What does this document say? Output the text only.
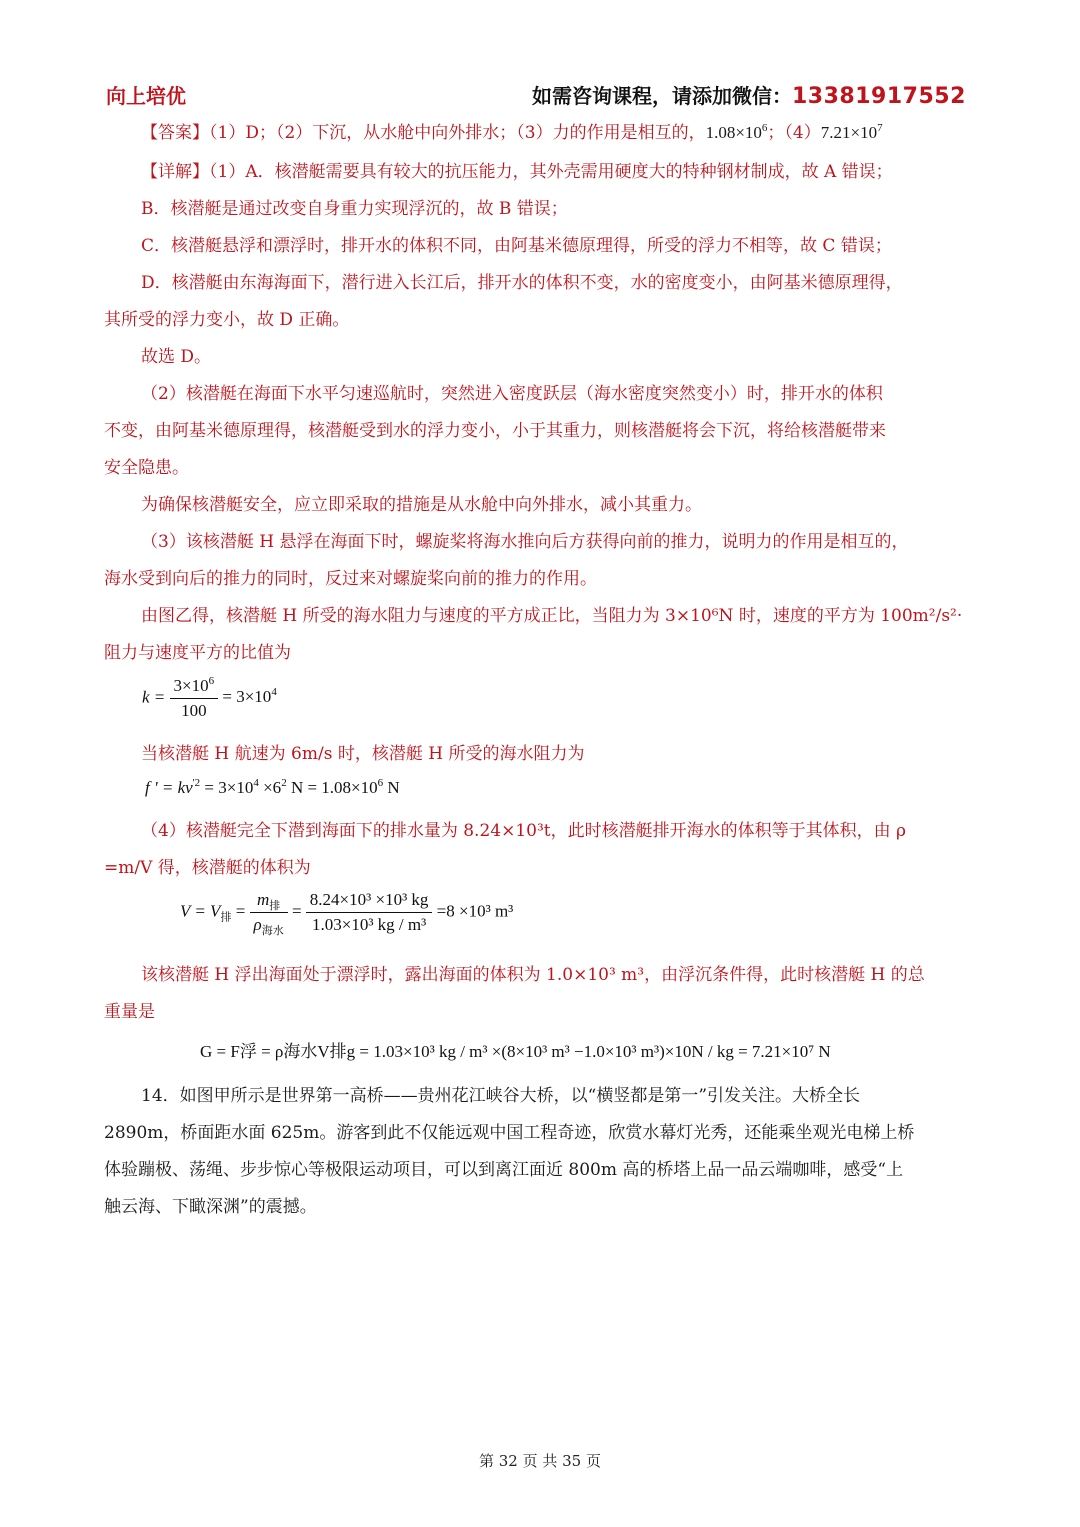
向上培优	如需咨询课程，请添加微信：13381917552
【答案】（1）D；（2）下沉，从水舱中向外排水；（3）力的作用是相互的，$1.08\times 10^6$；$(4)7.21\times 10^7$
【详解】（1）A．核潜艇需要具有较大的抗压能力，其外壳需用硬度大的特种钢材制成，故 A 错误；
B．核潜艇是通过改变自身重力实现浮沉的，故 B 错误；
C．核潜艇悬浮和漂浮时，排开水的体积不同，由阿基米德原理得，所受的浮力不相等，故 C 错误；
D．核潜艇由东海海面下，潜行进入长江后，排开水的体积不变，水的密度变小，由阿基米德原理得，
其所受的浮力变小，故 D 正确。
故选 D。
（2）核潜艇在海面下水平匀速巡航时，突然进入密度跃层（海水密度突然变小）时，排开水的体积
不变，由阿基米德原理得，核潜艇受到水的浮力变小，小于其重力，则核潜艇将会下沉，将给核潜艇带来
安全隐患。
为确保核潜艇安全，应立即采取的措施是从水舱中向外排水，减小其重力。
（3）该核潜艇 H 悬浮在海面下时，螺旋桨将海水推向后方获得向前的推力，说明力的作用是相互的，
海水受到向后的推力的同时，反过来对螺旋桨向前的推力的作用。
由图乙得，核潜艇 H 所受的海水阻力与速度的平方成正比，当阻力为 3×10⁶N 时，速度的平方为 100m²/s²·
阻力与速度平方的比值为
$k = \frac{3\times 10^6}{100} = 3\times 10^4$
当核潜艇 H 航速为 6m/s 时，核潜艇 H 所受的海水阻力为
f ' = $kv^{'2} = 3\times 10^4 \times 6^2$ $N = 1.08\times 10^6$ N
（4）核潜艇完全下潜到海面下的排水量为 8.24×10³t，此时核潜艇排开海水的体积等于其体积，由 ρ
=m/V 得，核潜艇的体积为
$V = V_排 = \frac{m_排}{\rho_{海水}} = \frac{\text{8.24×10³ ×10³ kg}}{\text{1.03×10³ kg / m³}} =8 \times 10^3$ m³
该核潜艇 H 浮出海面处于漂浮时，露出海面的体积为 1.0×10³ m³，由浮沉条件得，此时核潜艇 H 的总
重量是
G = F浮 = ρ海水V排g = 1.03×10³ kg / m³ ×(8×10³ m³ −1.0×10³ m³)×10N / kg = 7.21×10⁷ N
14．如图甲所示是世界第一高桥——贵州花江峡谷大桥，以“横竖都是第一”引发关注。大桥全长
2890m，桥面距水面 625m。游客到此不仅能远观中国工程奇迹，欣赏水幕灯光秀，还能乘坐观光电梯上桥
体验蹦极、荡绳、步步惊心等极限运动项目，可以到离江面近 800m 高的桥塔上品一品云端咖啡，感受“上
触云海、下瞰深渊”的震撼。
第 32 页 共 35 页
